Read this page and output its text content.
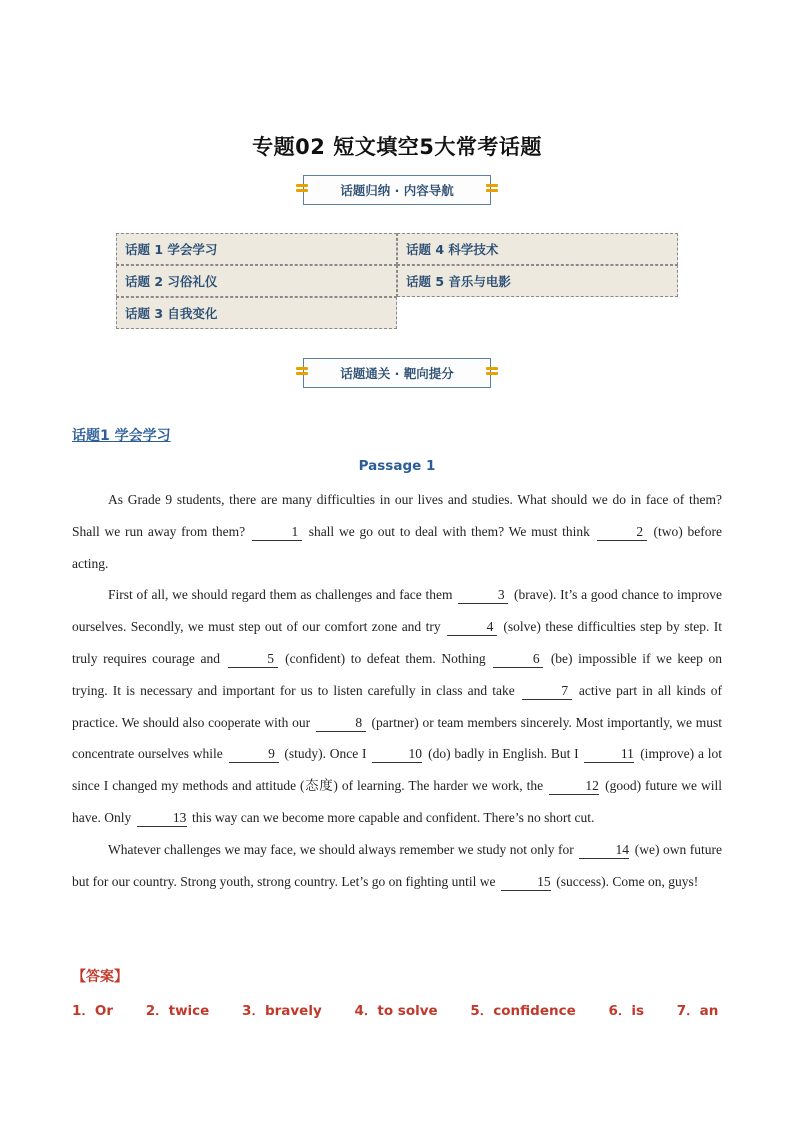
专题02 短文填空5大常考话题
话题归纳 · 内容导航
话题 1 学会学习	话题 4 科学技术
话题 2 习俗礼仪	话题 5 音乐与电影
话题 3 自我变化
话题通关 · 靶向提分
话题1 学会学习
Passage 1

As Grade 9 students, there are many difficulties in our lives and studies. What should we do in face of them? Shall we run away from them?	1 shall we go out to deal with them? We must think	2 (two) before acting.

First of all, we should regard them as challenges and face them	3 (brave). It’s a good chance to improve ourselves. Secondly, we must step out of our comfort zone and try	4 (solve) these difficulties step by step. It truly requires courage and	5 (confident) to defeat them. Nothing	6 (be) impossible if we keep on trying. It is necessary and important for us to listen carefully in class and take	7 active part in all kinds of practice. We should also cooperate with our	8 (partner) or team members sincerely. Most importantly, we must concentrate ourselves while	9 (study). Once I	10 (do) badly in English. But I	11 (improve) a lot since I changed my methods and attitude (态度) of learning. The harder we work, the	12 (good) future we will have. Only	13 this way can we become more capable and confident. There’s no short cut.

Whatever challenges we may face, we should always remember we study not only for	14 (we) own future but for our country. Strong youth, strong country. Let’s go on fighting until we	15 (success). Come on, guys!

【答案】
1．Or 2．twice 3．bravely 4．to solve 5．confidence 6．is 7．an
